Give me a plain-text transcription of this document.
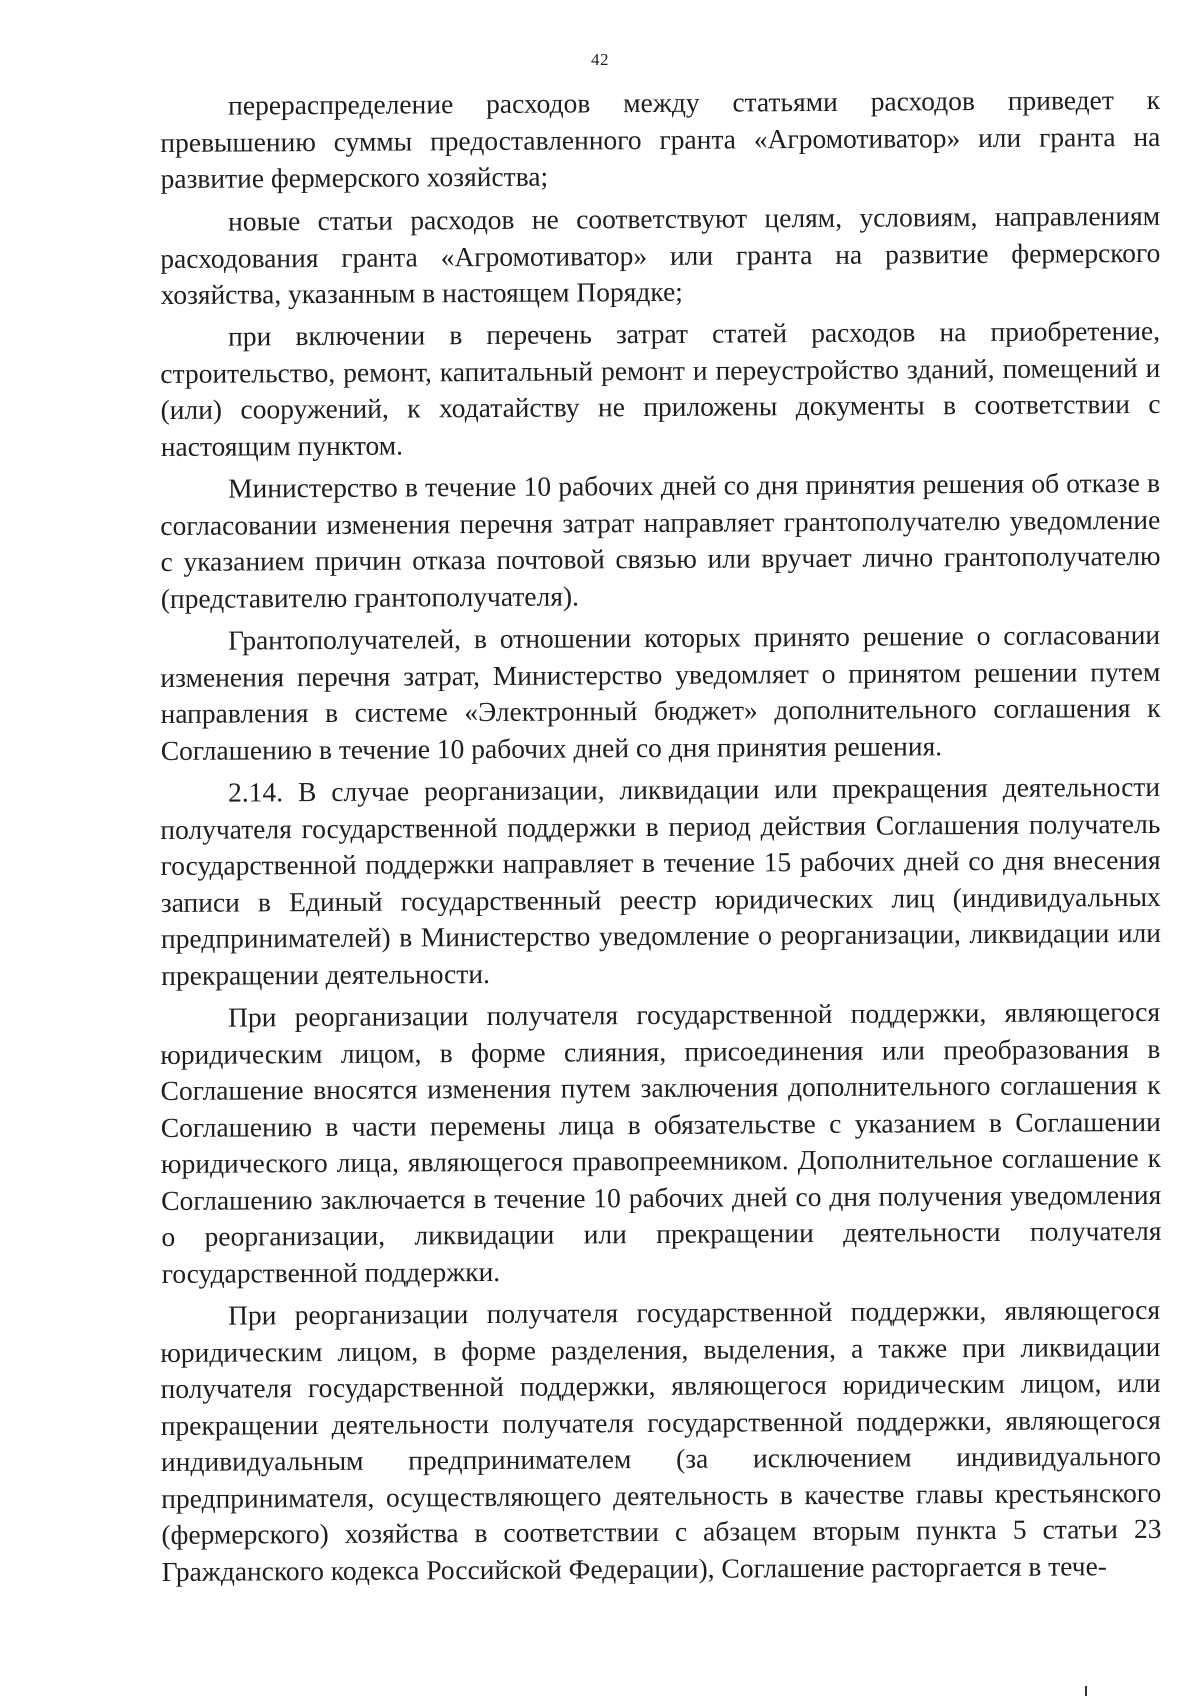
42

перераспределение расходов между статьями расходов приведет к превышению суммы предоставленного гранта «Агромотиватор» или гранта на развитие фермерского хозяйства;

новые статьи расходов не соответствуют целям, условиям, направлениям расходования гранта «Агромотиватор» или гранта на развитие фермерского хозяйства, указанным в настоящем Порядке;

при включении в перечень затрат статей расходов на приобретение, строительство, ремонт, капитальный ремонт и переустройство зданий, помещений и (или) сооружений, к ходатайству не приложены документы в соответствии с настоящим пунктом.

Министерство в течение 10 рабочих дней со дня принятия решения об отказе в согласовании изменения перечня затрат направляет грантополучателю уведомление с указанием причин отказа почтовой связью или вручает лично грантополучателю (представителю грантополучателя).

Грантополучателей, в отношении которых принято решение о согласовании изменения перечня затрат, Министерство уведомляет о принятом решении путем направления в системе «Электронный бюджет» дополнительного соглашения к Соглашению в течение 10 рабочих дней со дня принятия решения.

2.14. В случае реорганизации, ликвидации или прекращения деятельности получателя государственной поддержки в период действия Соглашения получатель государственной поддержки направляет в течение 15 рабочих дней со дня внесения записи в Единый государственный реестр юридических лиц (индивидуальных предпринимателей) в Министерство уведомление о реорганизации, ликвидации или прекращении деятельности.

При реорганизации получателя государственной поддержки, являющегося юридическим лицом, в форме слияния, присоединения или преобразования в Соглашение вносятся изменения путем заключения дополнительного соглашения к Соглашению в части перемены лица в обязательстве с указанием в Соглашении юридического лица, являющегося правопреемником. Дополнительное соглашение к Соглашению заключается в течение 10 рабочих дней со дня получения уведомления о реорганизации, ликвидации или прекращении деятельности получателя государственной поддержки.

При реорганизации получателя государственной поддержки, являющегося юридическим лицом, в форме разделения, выделения, а также при ликвидации получателя государственной поддержки, являющегося юридическим лицом, или прекращении деятельности получателя государственной поддержки, являющегося индивидуальным предпринимателем (за исключением индивидуального предпринимателя, осуществляющего деятельность в качестве главы крестьянского (фермерского) хозяйства в соответствии с абзацем вторым пункта 5 статьи 23 Гражданского кодекса Российской Федерации), Соглашение расторгается в тече-
